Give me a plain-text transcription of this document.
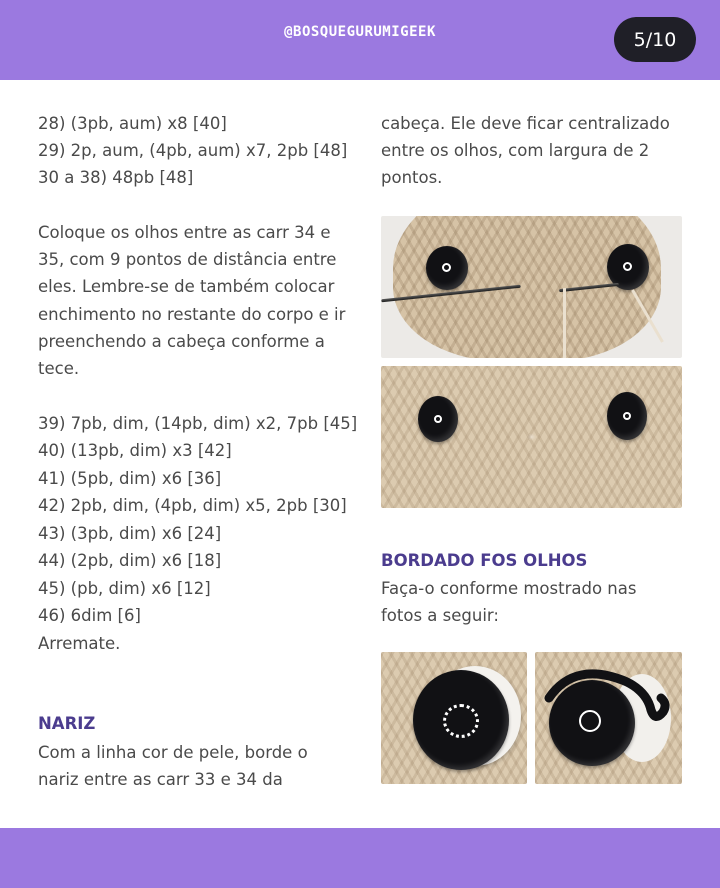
@BOSQUEGURUMIGEEK	5/10
28) (3pb, aum) x8 [40]
29) 2p, aum, (4pb, aum) x7, 2pb [48]
30 a 38) 48pb [48]
Coloque os olhos entre as carr 34 e
35, com 9 pontos de distância entre
eles. Lembre-se de também colocar
enchimento no restante do corpo e ir
preenchendo a cabeça conforme a
tece.
39) 7pb, dim, (14pb, dim) x2, 7pb [45]
40) (13pb, dim) x3 [42]
41) (5pb, dim) x6 [36]
42) 2pb, dim, (4pb, dim) x5, 2pb [30]
43) (3pb, dim) x6 [24]
44) (2pb, dim) x6 [18]
45) (pb, dim) x6 [12]
46) 6dim [6]
Arremate.
NARIZ
Com a linha cor de pele, borde o
nariz entre as carr 33 e 34 da
cabeça. Ele deve ficar centralizado
entre os olhos, com largura de 2
pontos.
BORDADO FOS OLHOS
Faça-o conforme mostrado nas
fotos a seguir:
